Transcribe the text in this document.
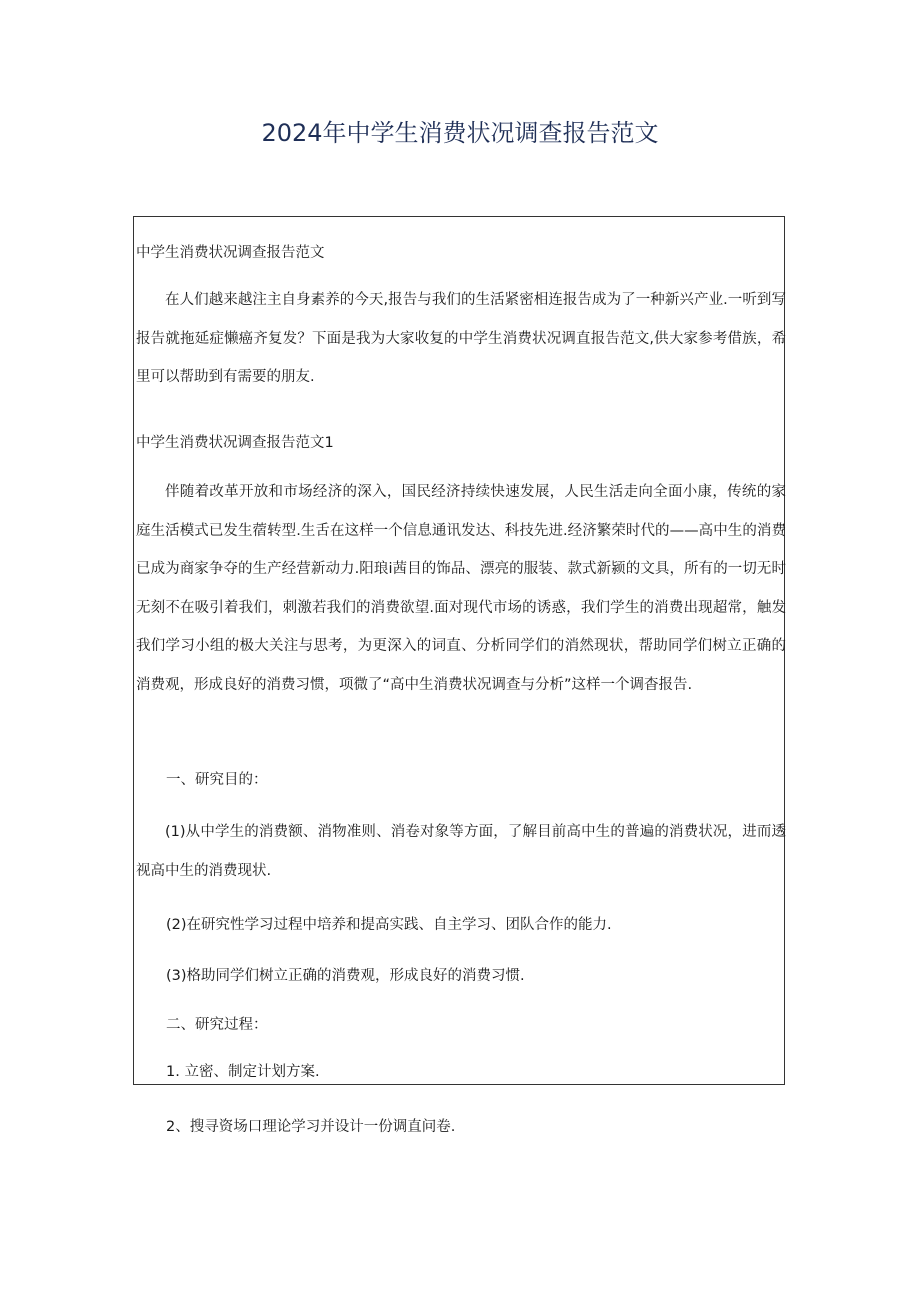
2024年中学生消费状况调查报告范文
中学生消费状况调查报告范文

在人们越来越注主自身素养的今天,报告与我们的生活紧密相连报告成为了一种新兴产业.一听到写报告就拖延症懒癌齐复发？下面是我为大家收复的中学生消费状况调直报告范文,供大家参考借族，希里可以帮助到有需要的朋友.

中学生消费状况调查报告范文1

伴随着改革开放和市场经济的深入，国民经济持续快速发展，人民生活走向全面小康，传统的家庭生活模式已发生蓿转型.生舌在这样一个信息通讯发达、科技先进.经济繁荣时代的——高中生的消费已成为商家争夺的生产经营新动力.阳琅i茜目的饰品、漂亮的服装、款式新颍的文具，所有的一切无时无刻不在吸引着我们，刺激若我们的消费欲望.面对现代市场的诱惑，我们学生的消费出现超常，触发我们学习小组的极大关注与思考，为更深入的词直、分析同学们的消然现状，帮助同学们树立正确的消费观，形成良好的消费习惯，项微了“高中生消费状况调查与分析”这样一个调杳报告.

一、研究目的：

(1)从中学生的消费额、消物准则、消卷对象等方面，了解目前高中生的普遍的消费状况，进而透视高中生的消费现状.

(2)在研究性学习过程中培养和提高实践、自主学习、团队合作的能力.
(3)格助同学们树立正确的消费观，形成良好的消费习惯.
二、研究过程：
1. 立密、制定计划方案.
2、搜寻资场口理论学习并设计一份调直问卷.
